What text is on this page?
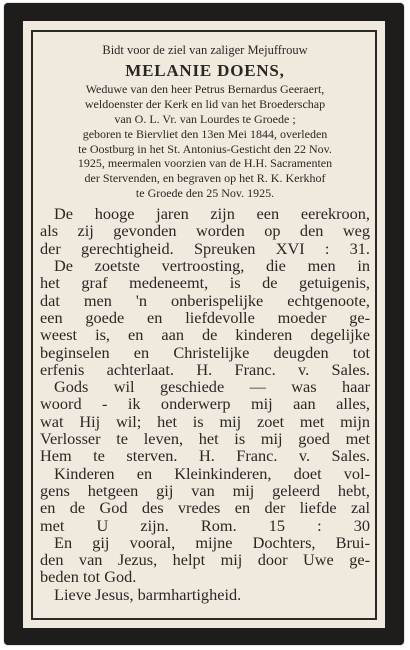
Bidt voor de ziel van zaliger Mejuffrouw
MELANIE DOENS,
Weduwe van den heer Petrus Bernardus Geeraert,
weldoenster der Kerk en lid van het Broederschap
van O. L. Vr. van Lourdes te Groede ;
geboren te Biervliet den 13en Mei 1844, overleden
te Oostburg in het St. Antonius-Gesticht den 22 Nov.
1925, meermalen voorzien van de H.H. Sacramenten
der Stervenden, en begraven op het R. K. Kerkhof
te Groede den 25 Nov. 1925.
De hooge jaren zijn een eerekroon,
als zij gevonden worden op den weg
der gerechtigheid. Spreuken XVI : 31.
De zoetste vertroosting, die men in
het graf medeneemt, is de getuigenis,
dat men 'n onberispelijke echtgenoote,
een goede en liefdevolle moeder ge-
weest is, en aan de kinderen degelijke
beginselen en Christelijke deugden tot
erfenis achterlaat. H. Franc. v. Sales.
Gods wil geschiede — was haar
woord - ik onderwerp mij aan alles,
wat Hij wil; het is mij zoet met mijn
Verlosser te leven, het is mij goed met
Hem te sterven. H. Franc. v. Sales.
Kinderen en Kleinkinderen, doet vol-
gens hetgeen gij van mij geleerd hebt,
en de God des vredes en der liefde zal
met U zijn. Rom. 15 : 30
En gij vooral, mijne Dochters, Brui-
den van Jezus, helpt mij door Uwe ge-
beden tot God.
Lieve Jesus, barmhartigheid.
